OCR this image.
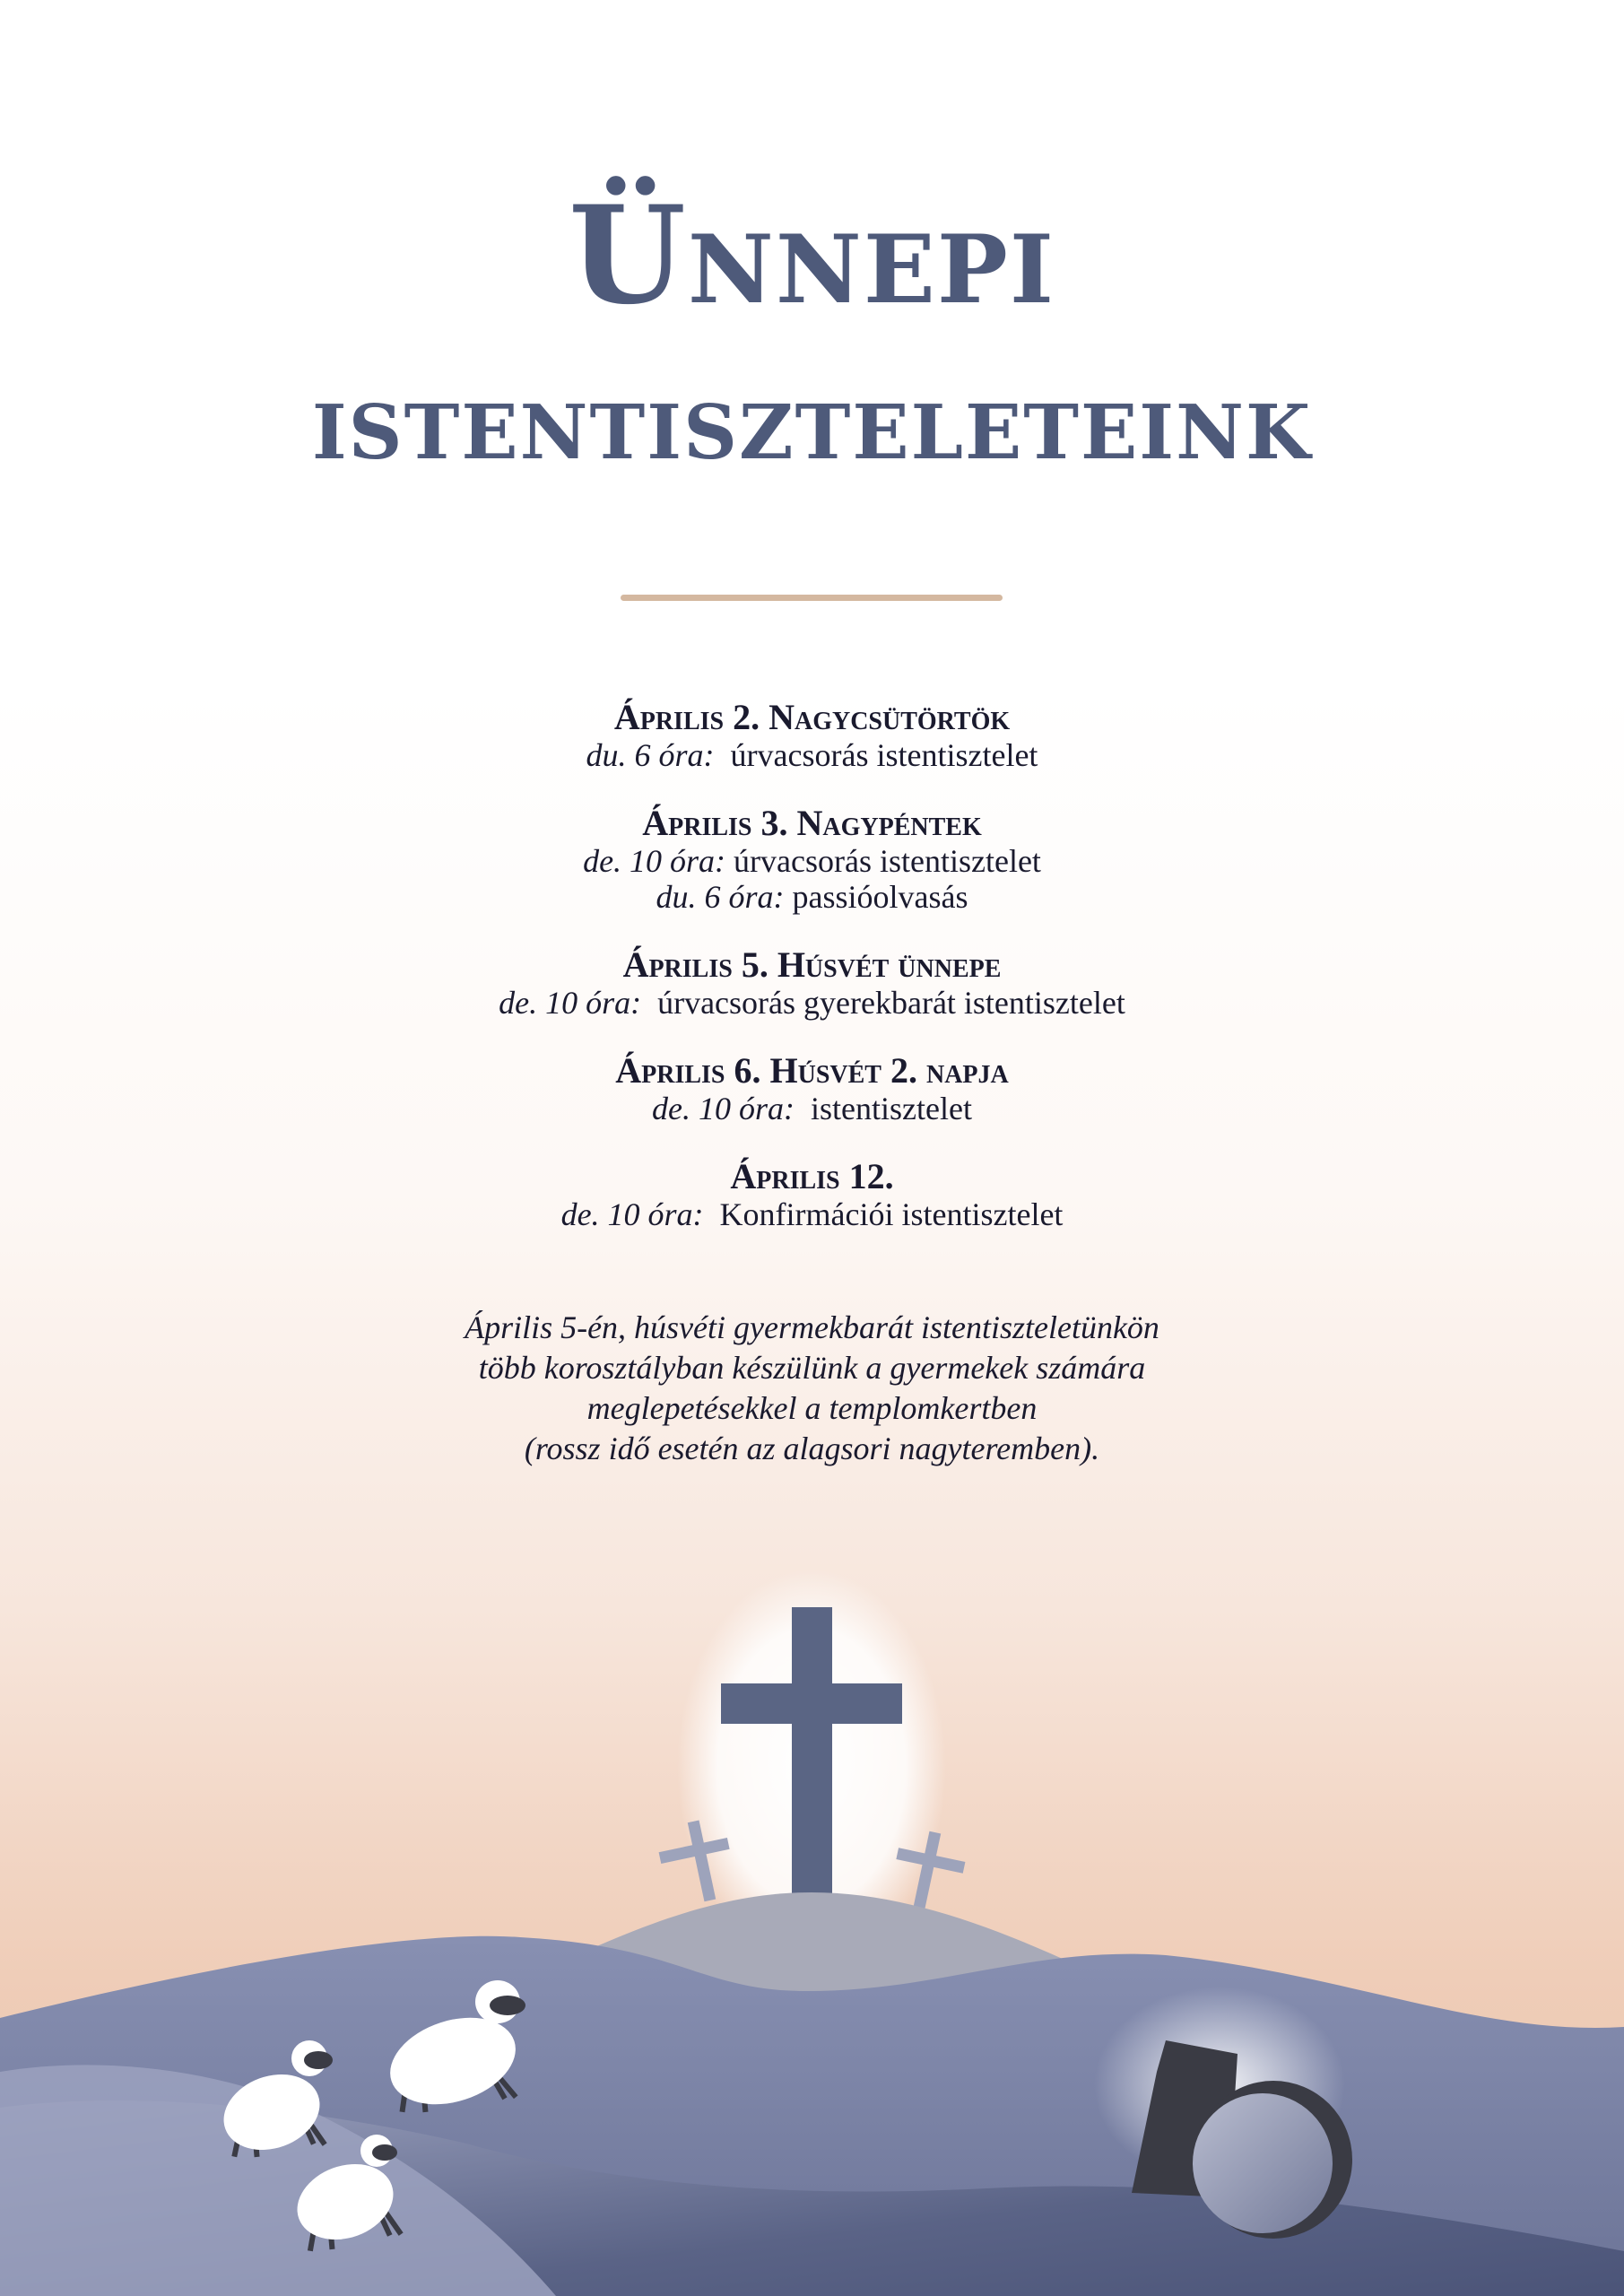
Ünnepi
istentiszteleteink
Április 2. Nagycsütörtök
du. 6 óra: úrvacsorás istentisztelet
Április 3. Nagypéntek
de. 10 óra: úrvacsorás istentisztelet
du. 6 óra: passióolvasás
Április 5. Húsvét ünnepe
de. 10 óra: úrvacsorás gyerekbarát istentisztelet
Április 6. Húsvét 2. napja
de. 10 óra: istentisztelet
Április 12.
de. 10 óra: Konfirmációi istentisztelet
Április 5-én, húsvéti gyermekbarát istentiszteletünkön
több korosztályban készülünk a gyermekek számára
meglepetésekkel a templomkertben
(rossz idő esetén az alagsori nagyteremben).
